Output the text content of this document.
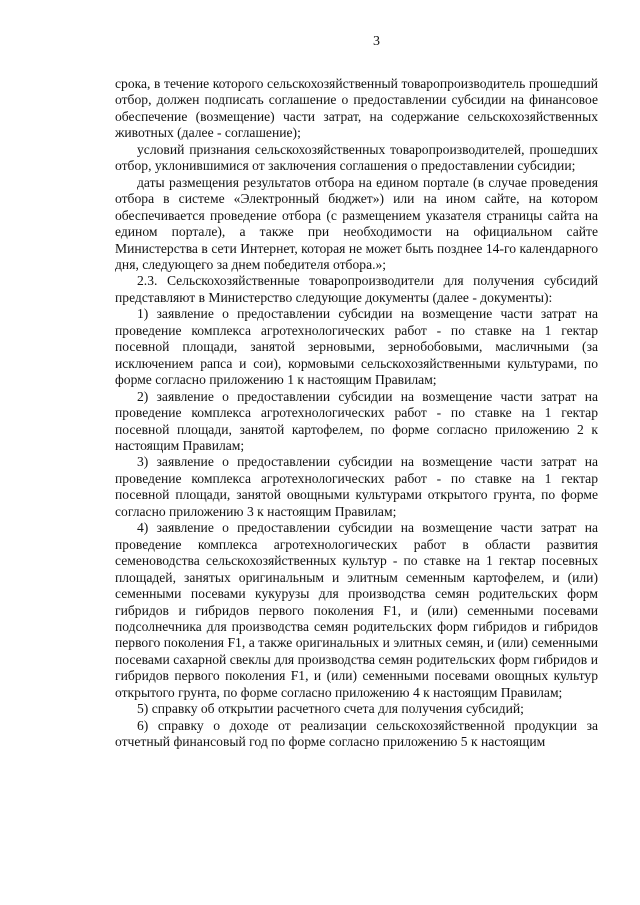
3

срока, в течение которого сельскохозяйственный товаропроизводитель прошедший отбор, должен подписать соглашение о предоставлении субсидии на финансовое обеспечение (возмещение) части затрат, на содержание сельскохозяйственных животных (далее - соглашение);

условий признания сельскохозяйственных товаропроизводителей, прошедших отбор, уклонившимися от заключения соглашения о предоставлении субсидии;

даты размещения результатов отбора на едином портале (в случае проведения отбора в системе «Электронный бюджет») или на ином сайте, на котором обеспечивается проведение отбора (с размещением указателя страницы сайта на едином портале), а также при необходимости на официальном сайте Министерства в сети Интернет, которая не может быть позднее 14-го календарного дня, следующего за днем победителя отбора.»;

2.3. Сельскохозяйственные товаропроизводители для получения субсидий представляют в Министерство следующие документы (далее - документы):

1) заявление о предоставлении субсидии на возмещение части затрат на проведение комплекса агротехнологических работ - по ставке на 1 гектар посевной площади, занятой зерновыми, зернобобовыми, масличными (за исключением рапса и сои), кормовыми сельскохозяйственными культурами, по форме согласно приложению 1 к настоящим Правилам;

2) заявление о предоставлении субсидии на возмещение части затрат на проведение комплекса агротехнологических работ - по ставке на 1 гектар посевной площади, занятой картофелем, по форме согласно приложению 2 к настоящим Правилам;

3) заявление о предоставлении субсидии на возмещение части затрат на проведение комплекса агротехнологических работ - по ставке на 1 гектар посевной площади, занятой овощными культурами открытого грунта, по форме согласно приложению 3 к настоящим Правилам;

4) заявление о предоставлении субсидии на возмещение части затрат на проведение комплекса агротехнологических работ в области развития семеноводства сельскохозяйственных культур - по ставке на 1 гектар посевных площадей, занятых оригинальным и элитным семенным картофелем, и (или) семенными посевами кукурузы для производства семян родительских форм гибридов и гибридов первого поколения F1, и (или) семенными посевами подсолнечника для производства семян родительских форм гибридов и гибридов первого поколения F1, а также оригинальных и элитных семян, и (или) семенными посевами сахарной свеклы для производства семян родительских форм гибридов и гибридов первого поколения F1, и (или) семенными посевами овощных культур открытого грунта, по форме согласно приложению 4 к настоящим Правилам;

5) справку об открытии расчетного счета для получения субсидий;

6) справку о доходе от реализации сельскохозяйственной продукции за отчетный финансовый год по форме согласно приложению 5 к настоящим
